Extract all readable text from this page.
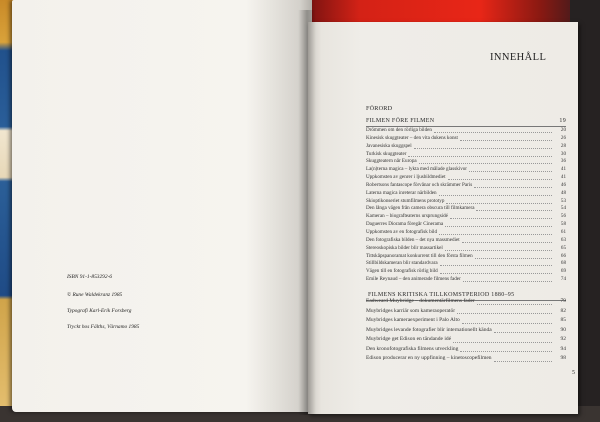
ISBN 91-1-853292-6
© Rune Waldekranz 1985
Typografi Karl-Erik Forsberg
Tryckt hos Fälths, Värnamo 1985
INNEHÅLL
FÖRORD
FILMEN FÖRE FILMEN	19
Drömmen om den rörliga bilden	20
Kinesisk skuggteater – den vita dukens konst	26
Javanesiska skuggspel	28
Turkisk skuggteater	30
Skuggteatern når Europa	36
La(n)terna magica – lykta med målade glasskivor	41
Uppkomsten av genrer i ljusbildmediet	41
Robertsons fantascope förvånar och skrämmer Paris	46
Laterna magica inreterar närbilden	48
Skioptikonseriet stumfilmens prototyp	53
Den långa vägen från camera obscura till filmkamera	54
Kameran – biografteaterns ursprungsidé	56
Daguerres Diorama föregår Cinerama	58
Uppkomsten av en fotografisk bild	61
Den fotografiska bilden – det nya massmediet	63
Stereoskopiska bilder blir massartikel	65
Tittskåpspanoramat konkurrent till den första filmen	66
Stillbildskameran blir standardvara	68
Vägen till en fotografisk rörlig bild	69
Emile Reynaud – den animerade filmens fader	74
FILMENS KRITISKA TILLKOMSTPERIOD 1880–95
Eadweard Muybridge – dokumentärfilmens fader	79
Muybridges karriär som kameraoperatör	82
Muybridges kameraexperiment i Palo Alto	85
Muybridges levande fotografier blir internationellt kända	90
Muybridge get Edison en tändande idé	92
Den kronofotografiska filmens utveckling	94
Edison producerar en ny uppfinning – kinetoscopefilmen	98
5
